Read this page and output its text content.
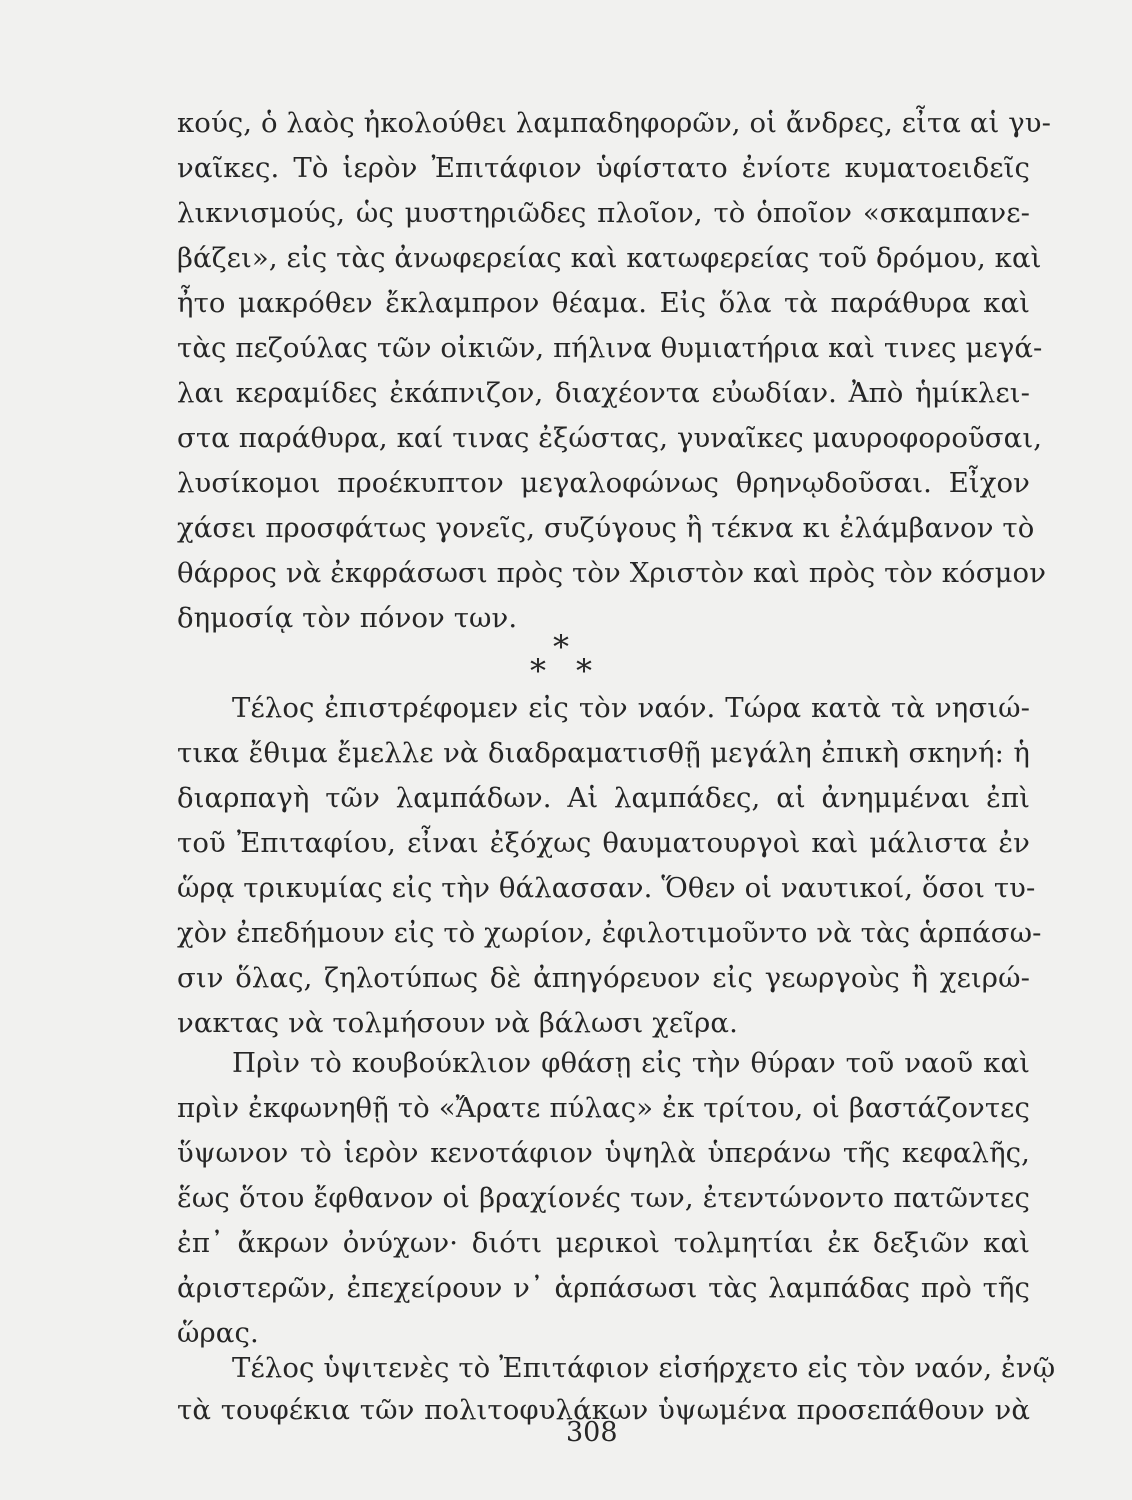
κούς, ὁ λαὸς ἠκολούθει λαμπαδηφορῶν, οἱ ἄνδρες, εἶτα αἱ γυ-
ναῖκες. Τὸ ἱερὸν Ἐπιτάφιον ὑφίστατο ἐνίοτε κυματοειδεῖς
λικνισμούς, ὡς μυστηριῶδες πλοῖον, τὸ ὁποῖον «σκαμπανε-
βάζει», εἰς τὰς ἀνωφερείας καὶ κατωφερείας τοῦ δρόμου, καὶ
ἦτο μακρόθεν ἔκλαμπρον θέαμα. Εἰς ὅλα τὰ παράθυρα καὶ
τὰς πεζούλας τῶν οἰκιῶν, πήλινα θυμιατήρια καὶ τινες μεγά-
λαι κεραμίδες ἐκάπνιζον, διαχέοντα εὐωδίαν. Ἀπὸ ἡμίκλει-
στα παράθυρα, καί τινας ἐξώστας, γυναῖκες μαυροφοροῦσαι,
λυσίκομοι προέκυπτον μεγαλοφώνως θρηνῳδοῦσαι. Εἶχον
χάσει προσφάτως γονεῖς, συζύγους ἢ τέκνα κι ἐλάμβανον τὸ
θάρρος νὰ ἐκφράσωσι πρὸς τὸν Χριστὸν καὶ πρὸς τὸν κόσμον
δημοσίᾳ τὸν πόνον των.
*
* *
Τέλος ἐπιστρέφομεν εἰς τὸν ναόν. Τώρα κατὰ τὰ νησιώ-
τικα ἔθιμα ἔμελλε νὰ διαδραματισθῇ μεγάλη ἐπικὴ σκηνή: ἡ
διαρπαγὴ τῶν λαμπάδων. Αἱ λαμπάδες, αἱ ἀνημμέναι ἐπὶ
τοῦ Ἐπιταφίου, εἶναι ἐξόχως θαυματουργοὶ καὶ μάλιστα ἐν
ὥρᾳ τρικυμίας εἰς τὴν θάλασσαν. Ὅθεν οἱ ναυτικοί, ὅσοι τυ-
χὸν ἐπεδήμουν εἰς τὸ χωρίον, ἐφιλοτιμοῦντο νὰ τὰς ἁρπάσω-
σιν ὅλας, ζηλοτύπως δὲ ἀπηγόρευον εἰς γεωργοὺς ἢ χειρώ-
νακτας νὰ τολμήσουν νὰ βάλωσι χεῖρα.
Πρὶν τὸ κουβούκλιον φθάσῃ εἰς τὴν θύραν τοῦ ναοῦ καὶ
πρὶν ἐκφωνηθῇ τὸ «Ἄρατε πύλας» ἐκ τρίτου, οἱ βαστάζοντες
ὕψωνον τὸ ἱερὸν κενοτάφιον ὑψηλὰ ὑπεράνω τῆς κεφαλῆς,
ἕως ὅτου ἔφθανον οἱ βραχίονές των, ἐτεντώνοντο πατῶντες
ἐπ᾽ ἄκρων ὀνύχων· διότι μερικοὶ τολμητίαι ἐκ δεξιῶν καὶ
ἀριστερῶν, ἐπεχείρουν ν᾽ ἁρπάσωσι τὰς λαμπάδας πρὸ τῆς
ὥρας.
Τέλος ὑψιτενὲς τὸ Ἐπιτάφιον εἰσήρχετο εἰς τὸν ναόν, ἐνῷ
τὰ τουφέκια τῶν πολιτοφυλάκων ὑψωμένα προσεπάθουν νὰ
308
